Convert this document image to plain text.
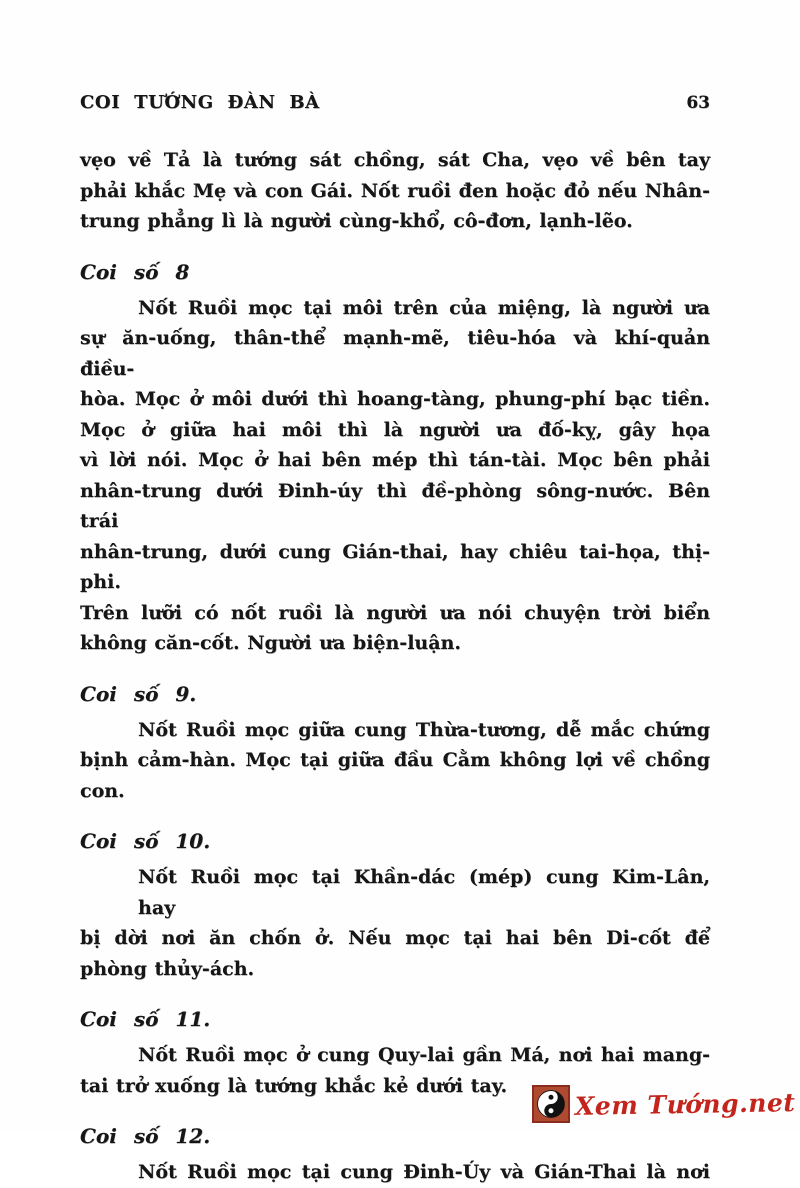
COI TƯỚNG ĐÀN BÀ	63
vẹo về Tả là tướng sát chồng, sát Cha, vẹo về bên tay
phải khắc Mẹ và con Gái. Nốt ruồi đen hoặc đỏ nếu Nhân-
trung phẳng lì là người cùng-khổ, cô-đơn, lạnh-lẽo.
Coi số 8
Nốt Ruồi mọc tại môi trên của miệng, là người ưa
sự ăn-uống, thân-thể mạnh-mẽ, tiêu-hóa và khí-quản điều-
hòa. Mọc ở môi dưới thì hoang-tàng, phung-phí bạc tiền.
Mọc ở giữa hai môi thì là người ưa đố-kỵ, gây họa
vì lời nói. Mọc ở hai bên mép thì tán-tài. Mọc bên phải
nhân-trung dưới Đinh-úy thì đề-phòng sông-nước. Bên trái
nhân-trung, dưới cung Gián-thai, hay chiêu tai-họa, thị-phi.
Trên lưỡi có nốt ruồi là người ưa nói chuyện trời biển
không căn-cốt. Người ưa biện-luận.
Coi số 9.
Nốt Ruồi mọc giữa cung Thừa-tương, dễ mắc chứng
bịnh cảm-hàn. Mọc tại giữa đầu Cằm không lợi về chồng
con.
Coi số 10.
Nốt Ruồi mọc tại Khần-dác (mép) cung Kim-Lân, hay
bị dời nơi ăn chốn ở. Nếu mọc tại hai bên Di-cốt để
phòng thủy-ách.
Coi số 11.
Nốt Ruồi mọc ở cung Quy-lai gần Má, nơi hai mang-
tai trở xuống là tướng khắc kẻ dưới tay.
Coi số 12.
Nốt Ruồi mọc tại cung Đinh-Úy và Gián-Thai là nơi
Xem Tướng.net
